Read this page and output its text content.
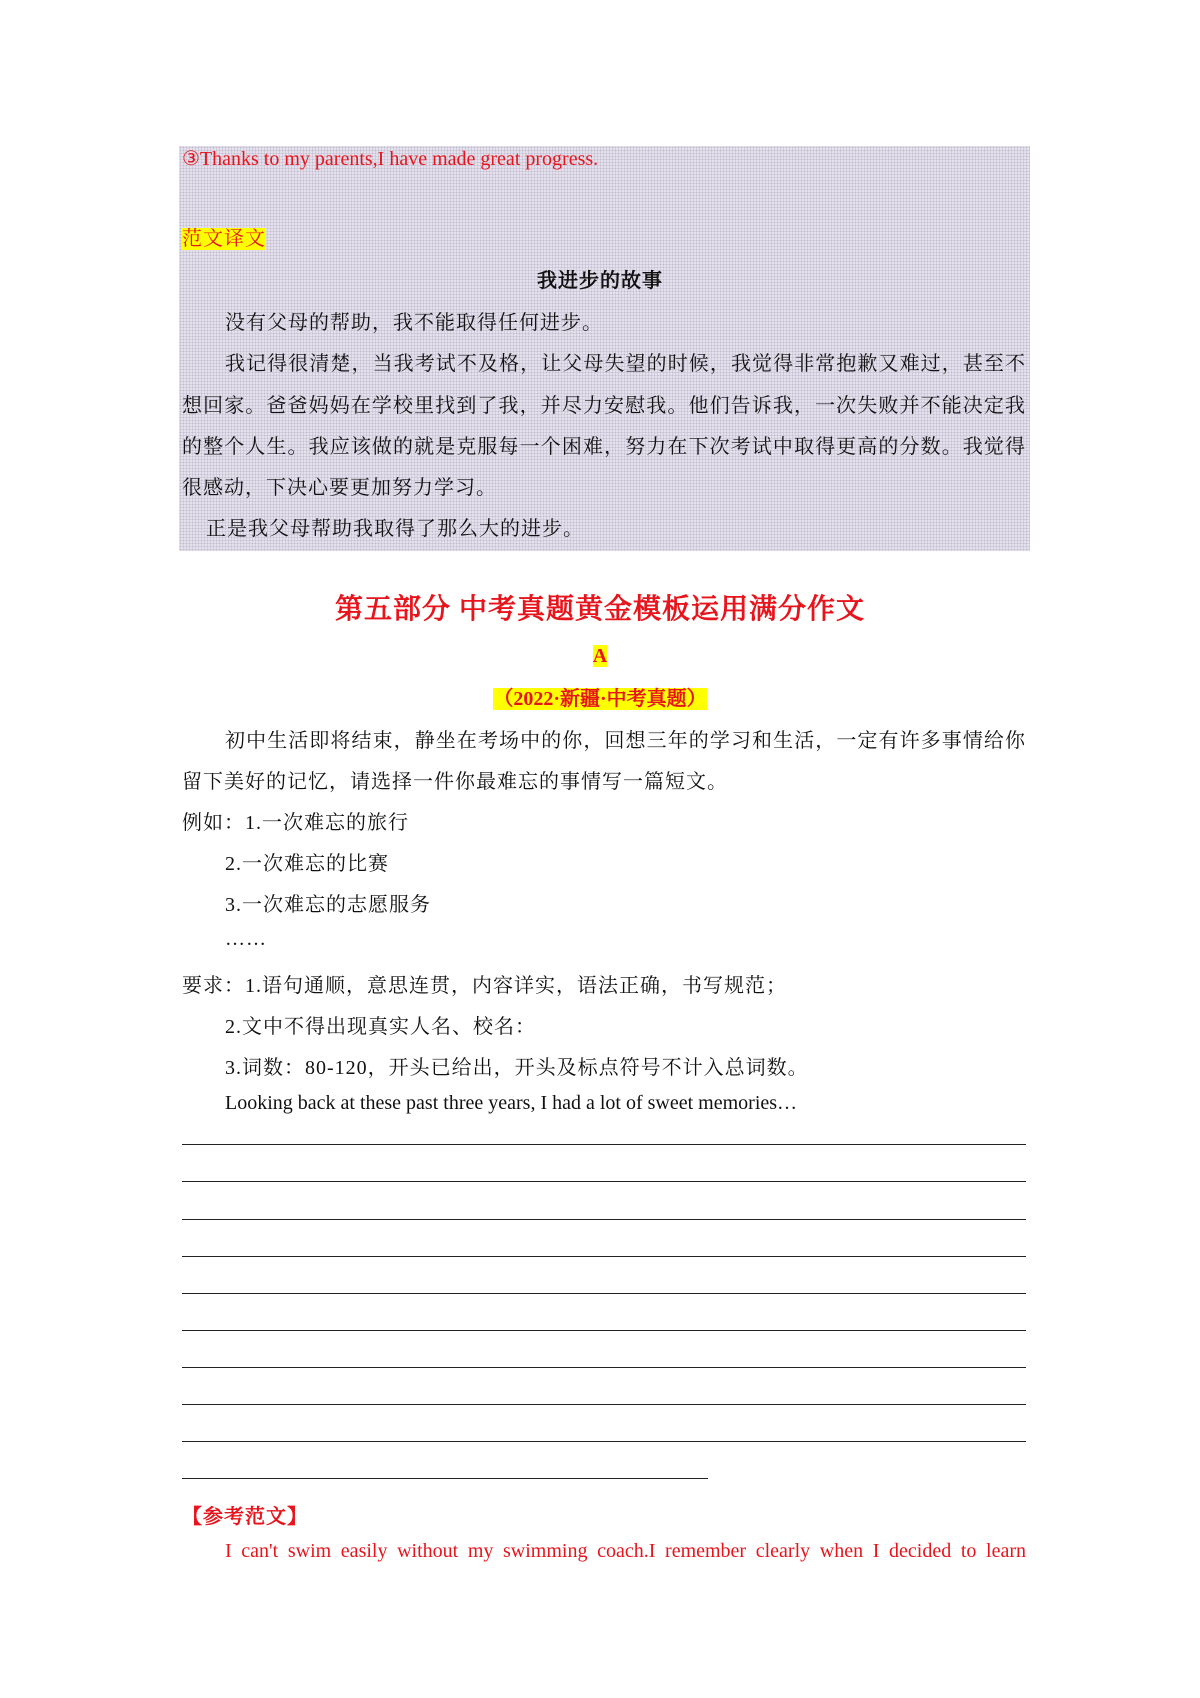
③Thanks to my parents,I have made great progress.
范文译文
我进步的故事
没有父母的帮助，我不能取得任何进步。
我记得很清楚，当我考试不及格，让父母失望的时候，我觉得非常抱歉又难过，甚至不
想回家。爸爸妈妈在学校里找到了我，并尽力安慰我。他们告诉我，一次失败并不能决定我
的整个人生。我应该做的就是克服每一个困难，努力在下次考试中取得更高的分数。我觉得
很感动，下决心要更加努力学习。
正是我父母帮助我取得了那么大的进步。
第五部分 中考真题黄金模板运用满分作文
A
（2022·新疆·中考真题）
初中生活即将结束，静坐在考场中的你，回想三年的学习和生活，一定有许多事情给你
留下美好的记忆，请选择一件你最难忘的事情写一篇短文。
例如：1.一次难忘的旅行
2.一次难忘的比赛
3.一次难忘的志愿服务
……
要求：1.语句通顺，意思连贯，内容详实，语法正确，书写规范；
2.文中不得出现真实人名、校名：
3.词数：80-120，开头已给出，开头及标点符号不计入总词数。
Looking back at these past three years, I had a lot of sweet memories…
【参考范文】
I can't swim easily without my swimming coach.I remember clearly when I decided to learn
